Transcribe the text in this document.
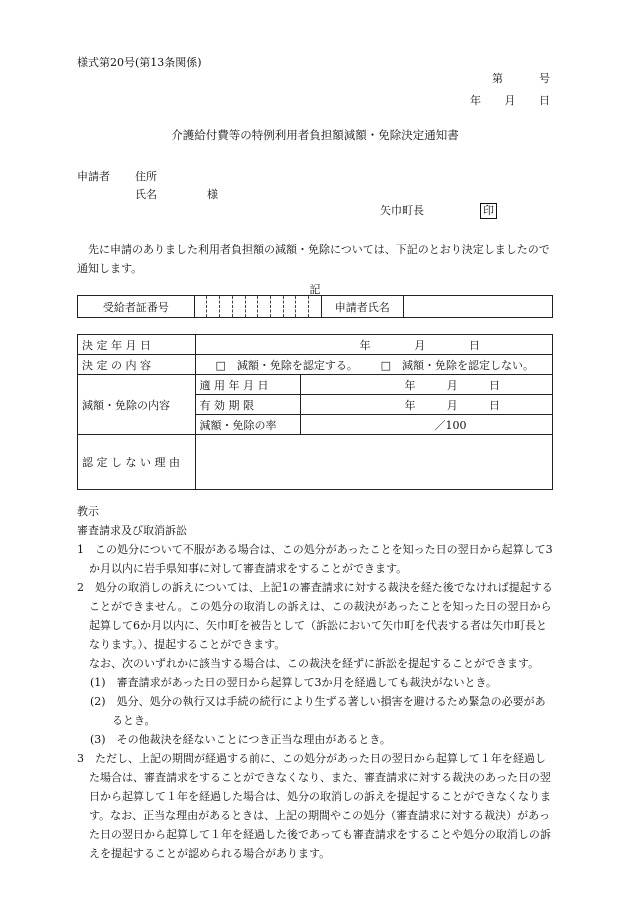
様式第20号(第13条関係)
第	号
年 月 日
介護給付費等の特例利用者負担額減額・免除決定通知書
申請者 住所
氏名	様
矢巾町長	印
先に申請のありました利用者負担額の減額・免除については、下記のとおり決定しましたので通知します。
記
受給者証番号											申請者氏名	
決 定 年 月 日	年 月 日	

決 定 の 内 容	□　減額・免除を認定する。 □　減額・免除を認定しない。	

減額・免除の内容	適 用 年 月 日	年 月 日

	有 効 期 限	年 月 日

	減額・免除の率	／100

認 定 し な い 理 由		

教示

審査請求及び取消訴訟

1　この処分について不服がある場合は、この処分があったことを知った日の翌日から起算して3か月以内に岩手県知事に対して審査請求をすることができます。

2　処分の取消しの訴えについては、上記1の審査請求に対する裁決を経た後でなければ提起することができません。この処分の取消しの訴えは、この裁決があったことを知った日の翌日から起算して6か月以内に、矢巾町を被告として（訴訟において矢巾町を代表する者は矢巾町長となります。）、提起することができます。

なお、次のいずれかに該当する場合は、この裁決を経ずに訴訟を提起することができます。

(1)　審査請求があった日の翌日から起算して3か月を経過しても裁決がないとき。

(2)　処分、処分の執行又は手続の続行により生ずる著しい損害を避けるため緊急の必要があるとき。

(3)　その他裁決を経ないことにつき正当な理由があるとき。

3　ただし、上記の期間が経過する前に、この処分があった日の翌日から起算して１年を経過した場合は、審査請求をすることができなくなり、また、審査請求に対する裁決のあった日の翌日から起算して１年を経過した場合は、処分の取消しの訴えを提起することができなくなります。なお、正当な理由があるときは、上記の期間やこの処分（審査請求に対する裁決）があった日の翌日から起算して１年を経過した後であっても審査請求をすることや処分の取消しの訴えを提起することが認められる場合があります。
